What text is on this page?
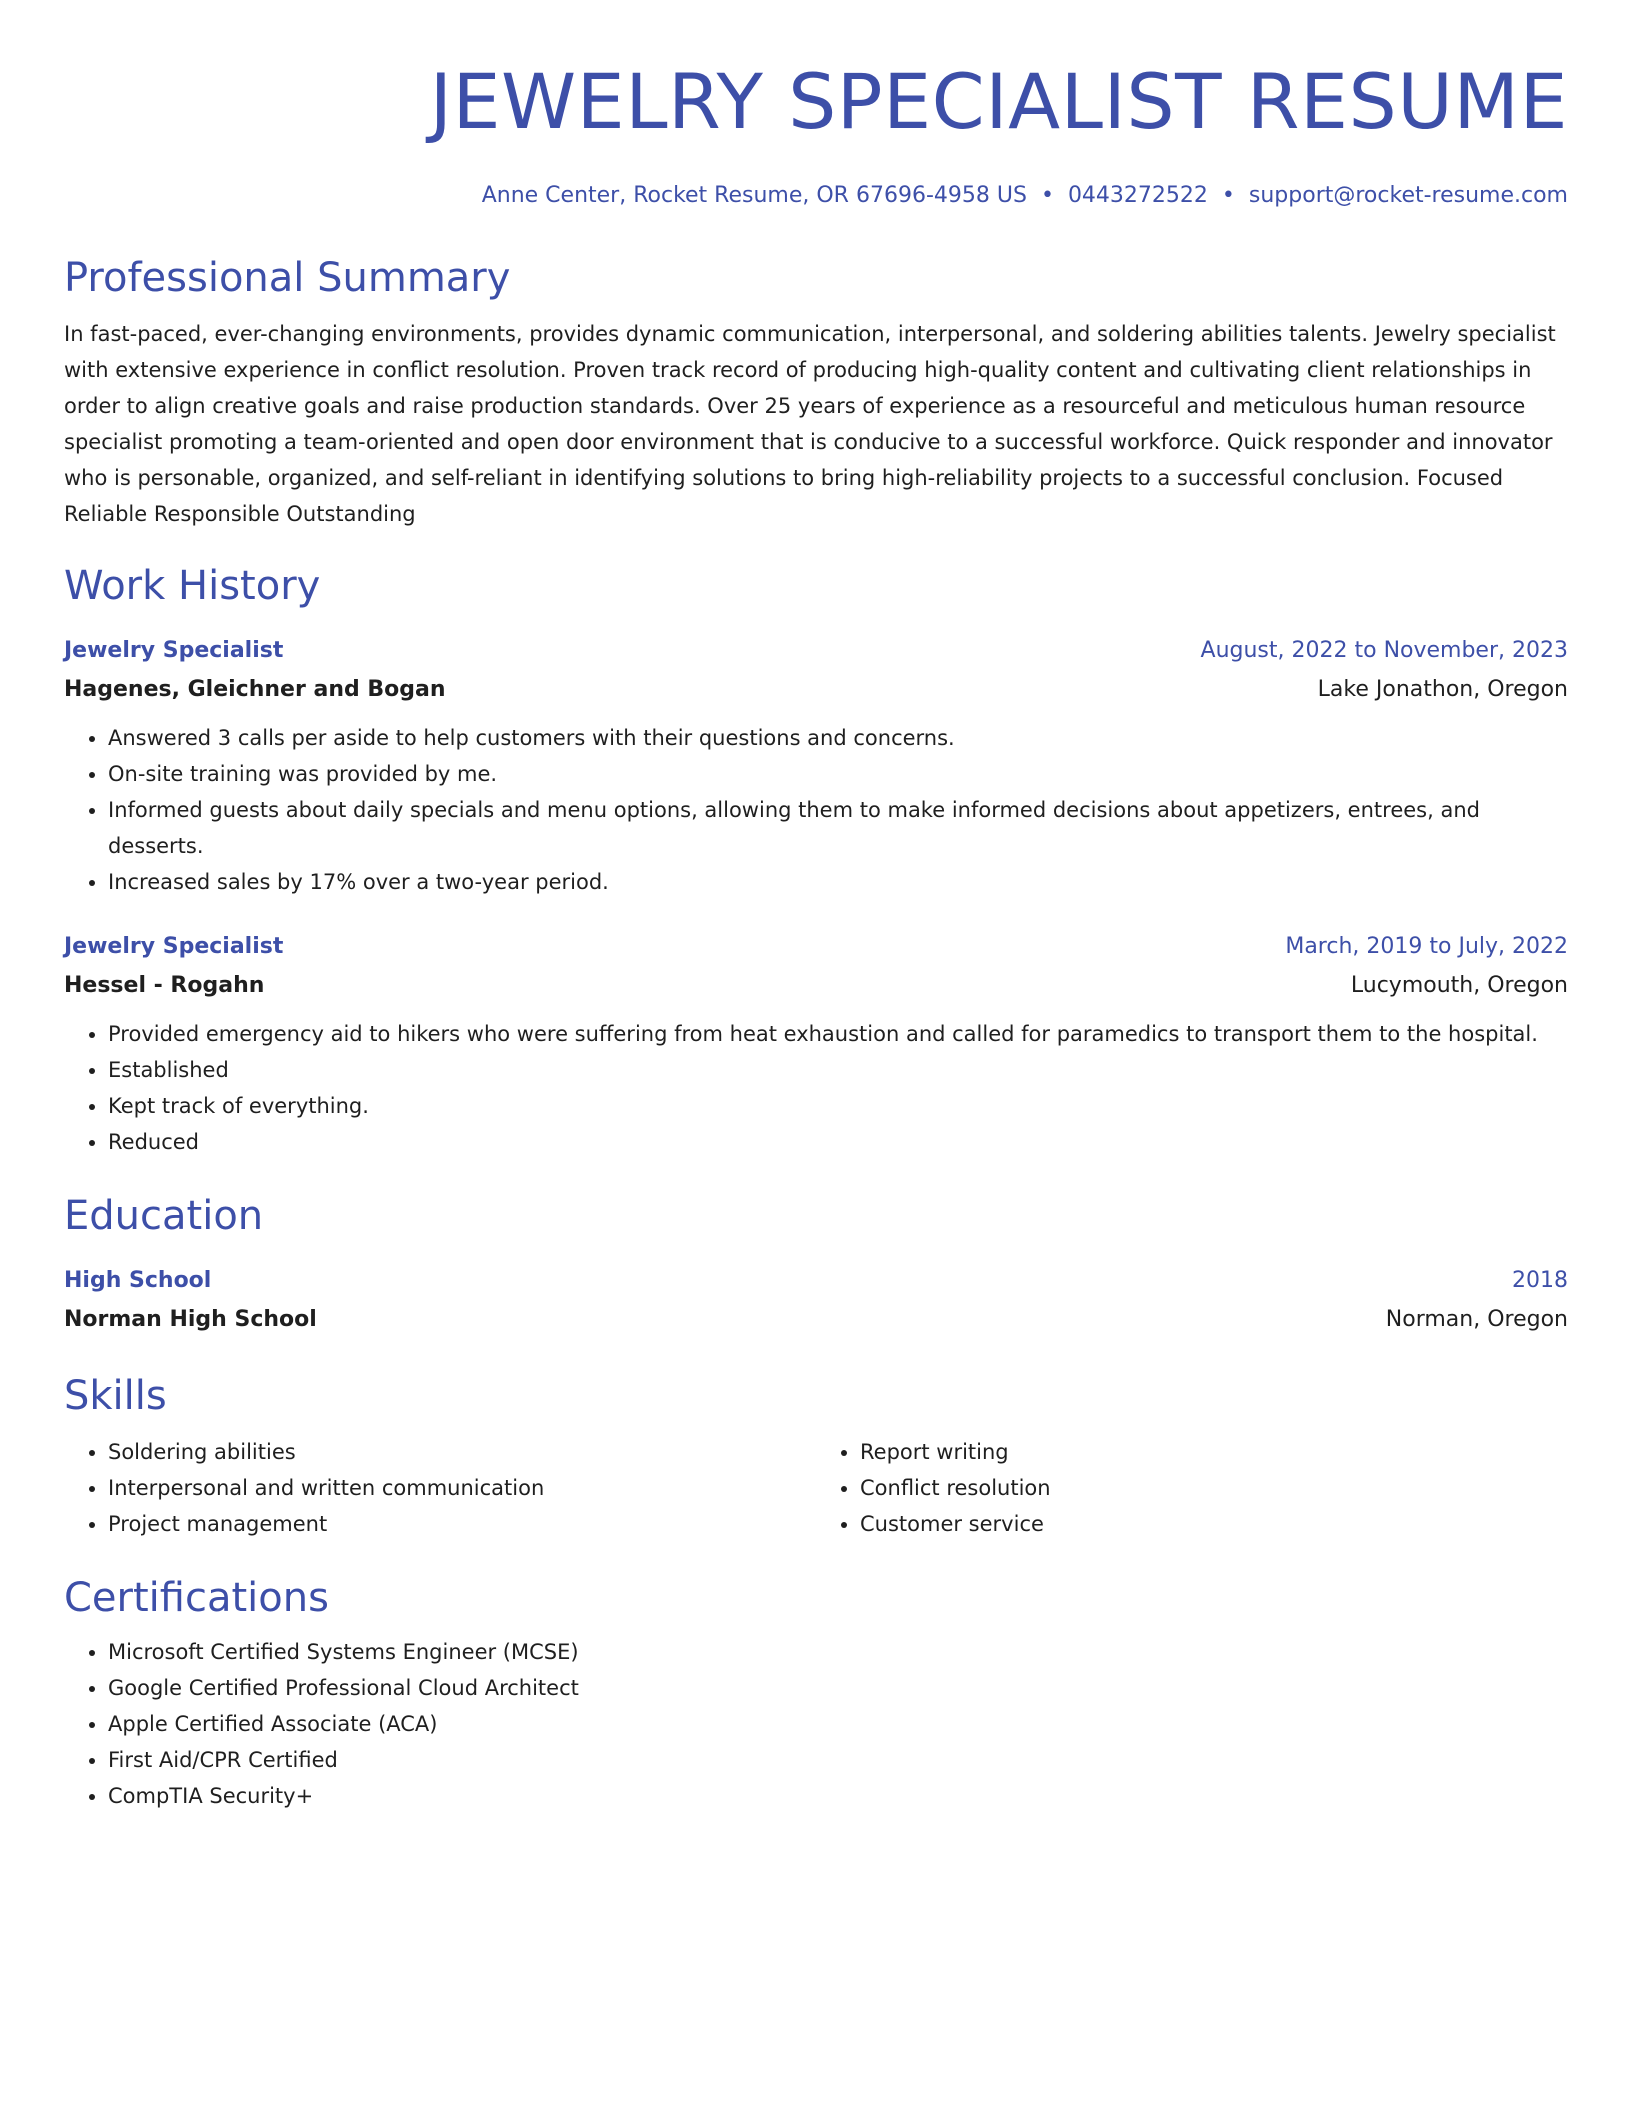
JEWELRY SPECIALIST RESUME
Anne Center, Rocket Resume, OR 67696-4958 US • 0443272522 • support@rocket-resume.com
Professional Summary
In fast-paced, ever-changing environments, provides dynamic communication, interpersonal, and soldering abilities talents. Jewelry specialist with extensive experience in conflict resolution. Proven track record of producing high-quality content and cultivating client relationships in order to align creative goals and raise production standards. Over 25 years of experience as a resourceful and meticulous human resource specialist promoting a team-oriented and open door environment that is conducive to a successful workforce. Quick responder and innovator who is personable, organized, and self-reliant in identifying solutions to bring high-reliability projects to a successful conclusion. Focused Reliable Responsible Outstanding
Work History
Jewelry Specialist	August, 2022 to November, 2023
Hagenes, Gleichner and Bogan	Lake Jonathon, Oregon
• Answered 3 calls per aside to help customers with their questions and concerns.
• On-site training was provided by me.
• Informed guests about daily specials and menu options, allowing them to make informed decisions about appetizers, entrees, and desserts.
• Increased sales by 17% over a two-year period.
Jewelry Specialist	March, 2019 to July, 2022
Hessel - Rogahn	Lucymouth, Oregon
• Provided emergency aid to hikers who were suffering from heat exhaustion and called for paramedics to transport them to the hospital.
• Established
• Kept track of everything.
• Reduced
Education
High School	2018
Norman High School	Norman, Oregon
Skills
• Soldering abilities
• Interpersonal and written communication
• Project management
• Report writing
• Conflict resolution
• Customer service
Certifications
• Microsoft Certified Systems Engineer (MCSE)
• Google Certified Professional Cloud Architect
• Apple Certified Associate (ACA)
• First Aid/CPR Certified
• CompTIA Security+
